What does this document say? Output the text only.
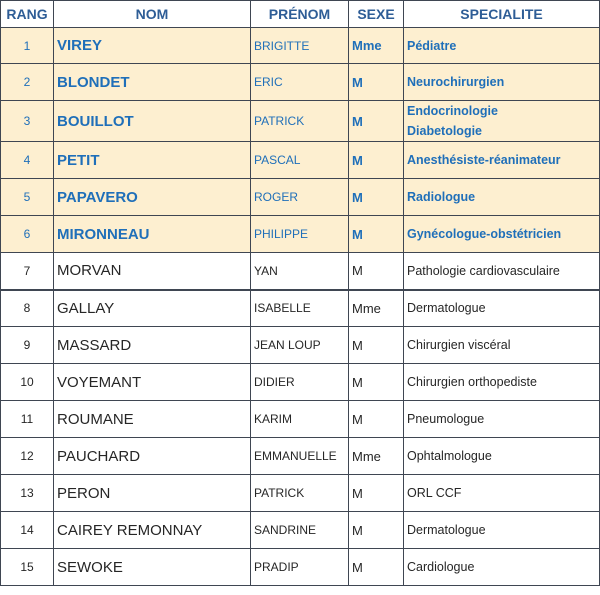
RANG	NOM	PRÉNOM	SEXE	SPECIALITE
1	VIREY	BRIGITTE	Mme	Pédiatre
2	BLONDET	ERIC	M	Neurochirurgien
3	BOUILLOT	PATRICK	M	Endocrinologie
Diabetologie
4	PETIT	PASCAL	M	Anesthésiste-réanimateur
5	PAPAVERO	ROGER	M	Radiologue
6	MIRONNEAU	PHILIPPE	M	Gynécologue-obstétricien
7	MORVAN	YAN	M	Pathologie cardiovasculaire
8	GALLAY	ISABELLE	Mme	Dermatologue
9	MASSARD	JEAN LOUP	M	Chirurgien viscéral
10	VOYEMANT	DIDIER	M	Chirurgien orthopediste
11	ROUMANE	KARIM	M	Pneumologue
12	PAUCHARD	EMMANUELLE	Mme	Ophtalmologue
13	PERON	PATRICK	M	ORL CCF
14	CAIREY REMONNAY	SANDRINE	M	Dermatologue
15	SEWOKE	PRADIP	M	Cardiologue
